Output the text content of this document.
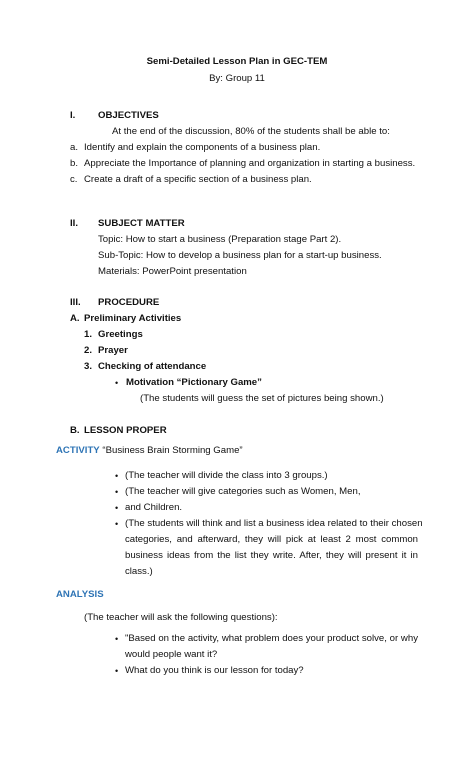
Semi-Detailed Lesson Plan in GEC-TEM
By: Group 11
I. OBJECTIVES
At the end of the discussion, 80% of the students shall be able to:
a. Identify and explain the components of a business plan.
b. Appreciate the Importance of planning and organization in starting a business.
c. Create a draft of a specific section of a business plan.
II. SUBJECT MATTER
Topic: How to start a business (Preparation stage Part 2).
Sub-Topic: How to develop a business plan for a start-up business.
Materials: PowerPoint presentation
III. PROCEDURE
A. Preliminary Activities
1. Greetings
2. Prayer
3. Checking of attendance
• Motivation “Pictionary Game”
(The students will guess the set of pictures being shown.)
B. LESSON PROPER
ACTIVITY “Business Brain Storming Game”
• (The teacher will divide the class into 3 groups.)
• (The teacher will give categories such as Women, Men,
• and Children.
• (The students will think and list a business idea related to their chosen
categories, and afterward, they will pick at least 2 most common
business ideas from the list they write. After, they will present it in
class.)
ANALYSIS
(The teacher will ask the following questions):
• "Based on the activity, what problem does your product solve, or why
would people want it?
• What do you think is our lesson for today?
